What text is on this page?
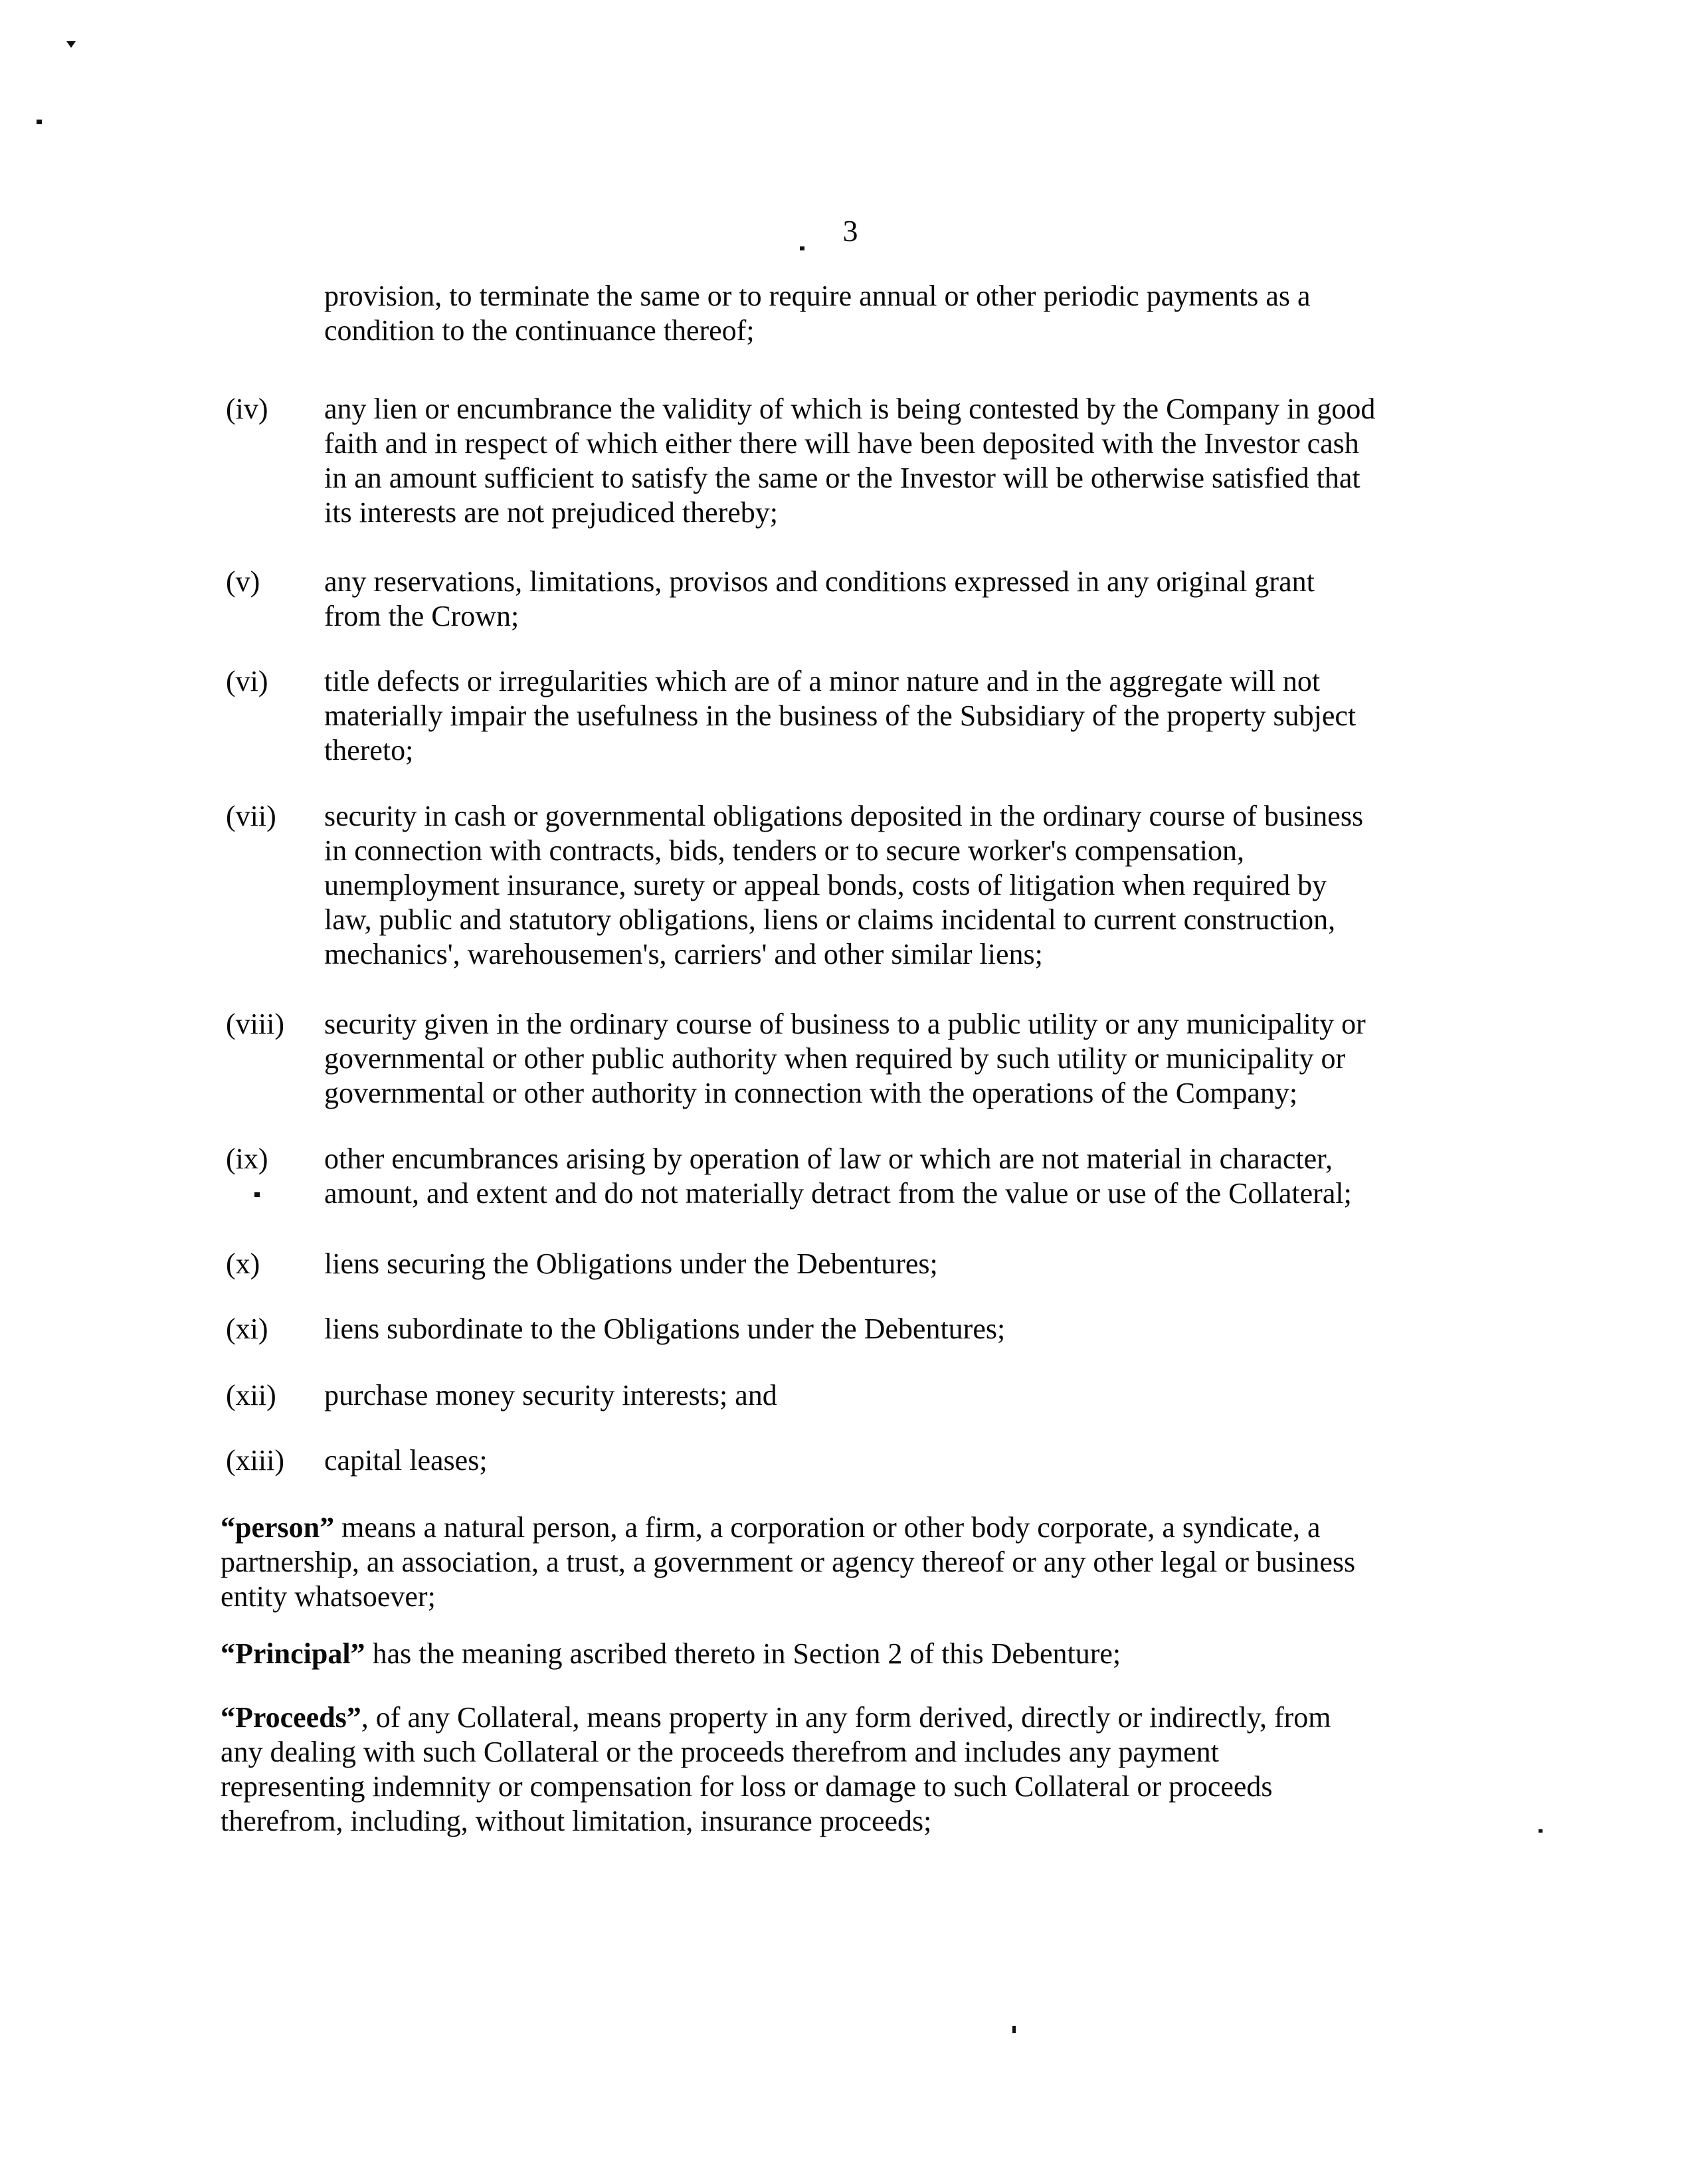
3
provision, to terminate the same or to require annual or other periodic payments as a
condition to the continuance thereof;
(iv) any lien or encumbrance the validity of which is being contested by the Company in good
faith and in respect of which either there will have been deposited with the Investor cash
in an amount sufficient to satisfy the same or the Investor will be otherwise satisfied that
its interests are not prejudiced thereby;
(v) any reservations, limitations, provisos and conditions expressed in any original grant
from the Crown;
(vi) title defects or irregularities which are of a minor nature and in the aggregate will not
materially impair the usefulness in the business of the Subsidiary of the property subject
thereto;
(vii) security in cash or governmental obligations deposited in the ordinary course of business
in connection with contracts, bids, tenders or to secure worker's compensation,
unemployment insurance, surety or appeal bonds, costs of litigation when required by
law, public and statutory obligations, liens or claims incidental to current construction,
mechanics', warehousemen's, carriers' and other similar liens;
(viii) security given in the ordinary course of business to a public utility or any municipality or
governmental or other public authority when required by such utility or municipality or
governmental or other authority in connection with the operations of the Company;
(ix) other encumbrances arising by operation of law or which are not material in character,
amount, and extent and do not materially detract from the value or use of the Collateral;
(x) liens securing the Obligations under the Debentures;
(xi) liens subordinate to the Obligations under the Debentures;
(xii) purchase money security interests; and
(xiii) capital leases;
“person” means a natural person, a firm, a corporation or other body corporate, a syndicate, a
partnership, an association, a trust, a government or agency thereof or any other legal or business
entity whatsoever;
“Principal” has the meaning ascribed thereto in Section 2 of this Debenture;
“Proceeds”, of any Collateral, means property in any form derived, directly or indirectly, from
any dealing with such Collateral or the proceeds therefrom and includes any payment
representing indemnity or compensation for loss or damage to such Collateral or proceeds
therefrom, including, without limitation, insurance proceeds;
